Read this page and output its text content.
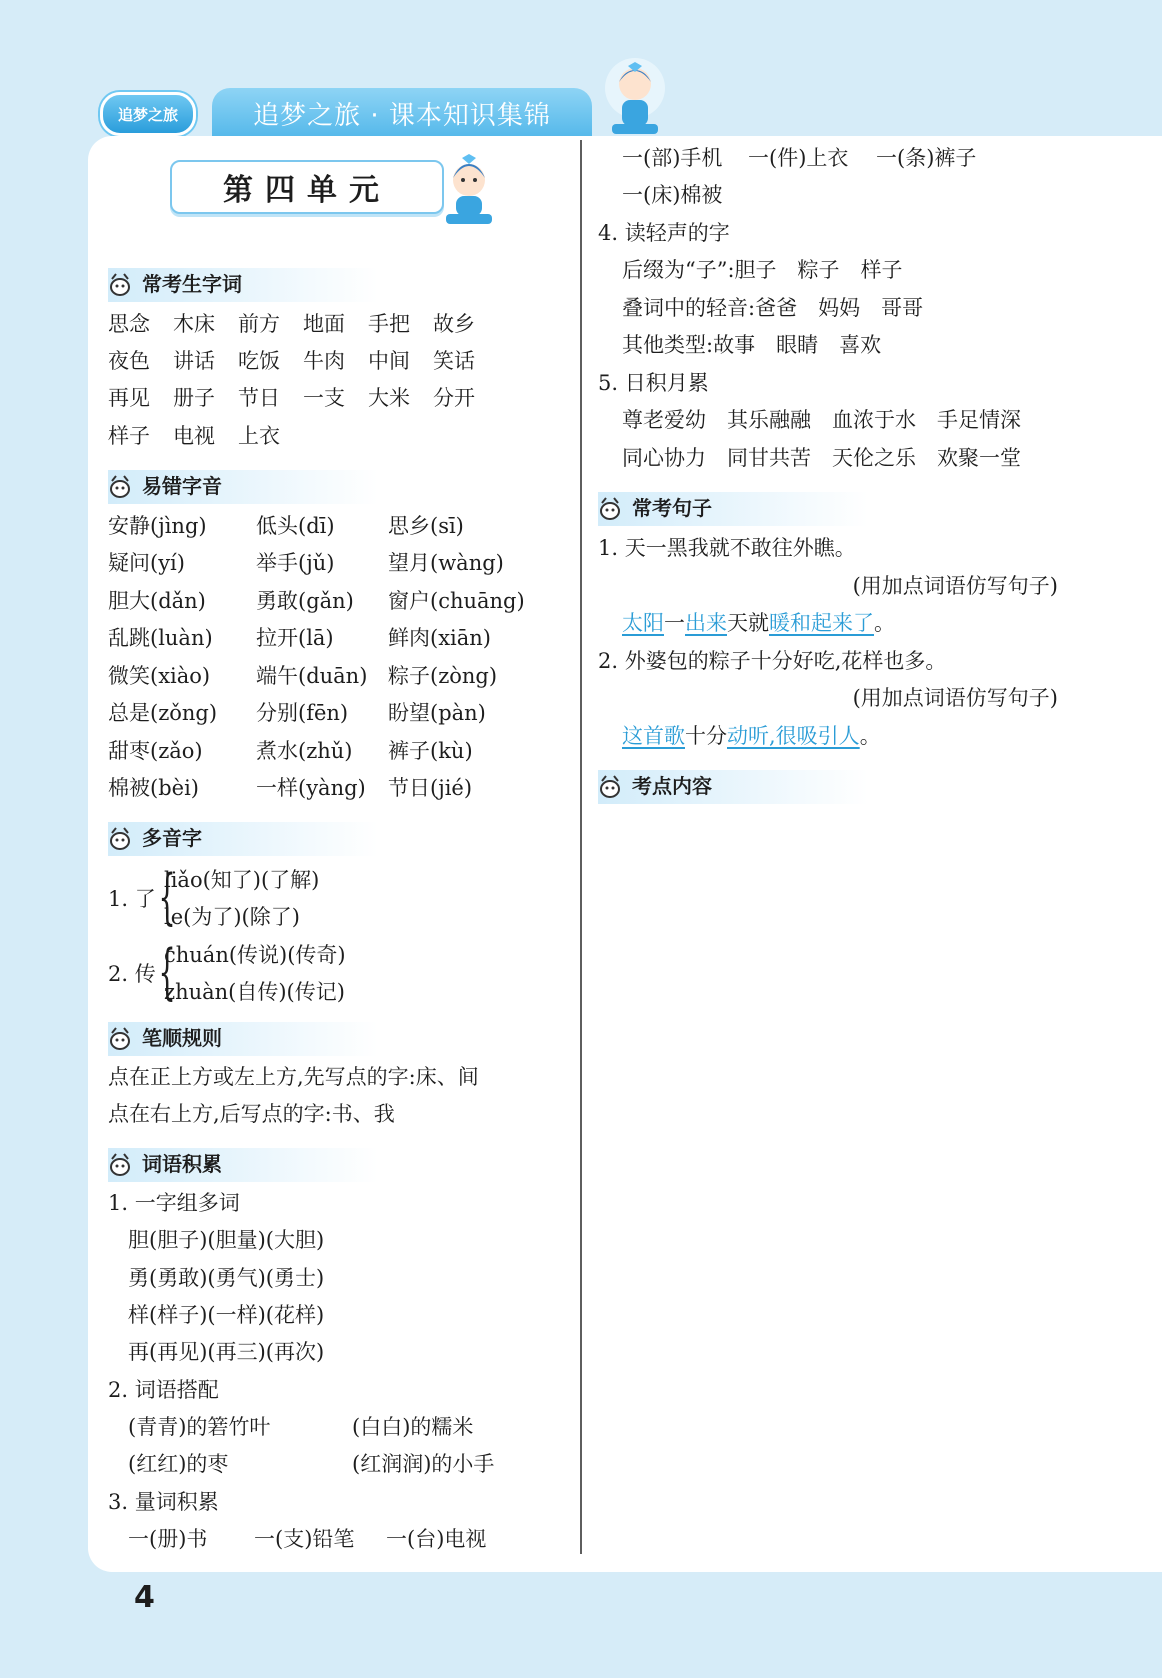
追梦之旅	追梦之旅 · 课本知识集锦
第四单元
常考生字词
思念 木床 前方 地面 手把 故乡
夜色 讲话 吃饭 牛肉 中间 笑话
再见 册子 节日 一支 大米 分开
样子 电视 上衣
易错字音
安静(jìng) 低头(dī)	思乡(sī)
疑问(yí)	举手(jǔ)	望月(wàng)
胆大(dǎn) 勇敢(gǎn) 窗户(chuāng)
乱跳(luàn) 拉开(lā)	鲜肉(xiān)
微笑(xiào) 端午(duān) 粽子(zòng)
总是(zǒng) 分别(fēn) 盼望(pàn)
甜枣(zǎo)	煮水(zhǔ) 裤子(kù)
棉被(bèi)	一样(yàng) 节日(jié)
多音字
1. 了 {
liǎo(知了)(了解)
le(为了)(除了)
2. 传 {
chuán(传说)(传奇)
zhuàn(自传)(传记)
笔顺规则
点在正上方或左上方,先写点的字:床、间
点在右上方,后写点的字:书、我
词语积累
1. 一字组多词
胆(胆子)(胆量)(大胆)
勇(勇敢)(勇气)(勇士)
样(样子)(一样)(花样)
再(再见)(再三)(再次)
2. 词语搭配
(青青)的箬竹叶	(白白)的糯米
(红红)的枣	(红润润)的小手
3. 量词积累
一(册)书 一(支)铅笔 一(台)电视
一(部)手机 一(件)上衣 一(条)裤子
一(床)棉被
4. 读轻声的字
后缀为“子”:胆子　粽子　样子
叠词中的轻音:爸爸　妈妈　哥哥
其他类型:故事　眼睛　喜欢
5. 日积月累
尊老爱幼　其乐融融　血浓于水　手足情深
同心协力　同甘共苦　天伦之乐　欢聚一堂
常考句子
1. 天一黑我就不敢往外瞧。
(用加点词语仿写句子)
太阳一出来天就暖和起来了。
2. 外婆包的粽子十分好吃,花样也多。
(用加点词语仿写句子)
这首歌十分动听,很吸引人。
考点内容
4
